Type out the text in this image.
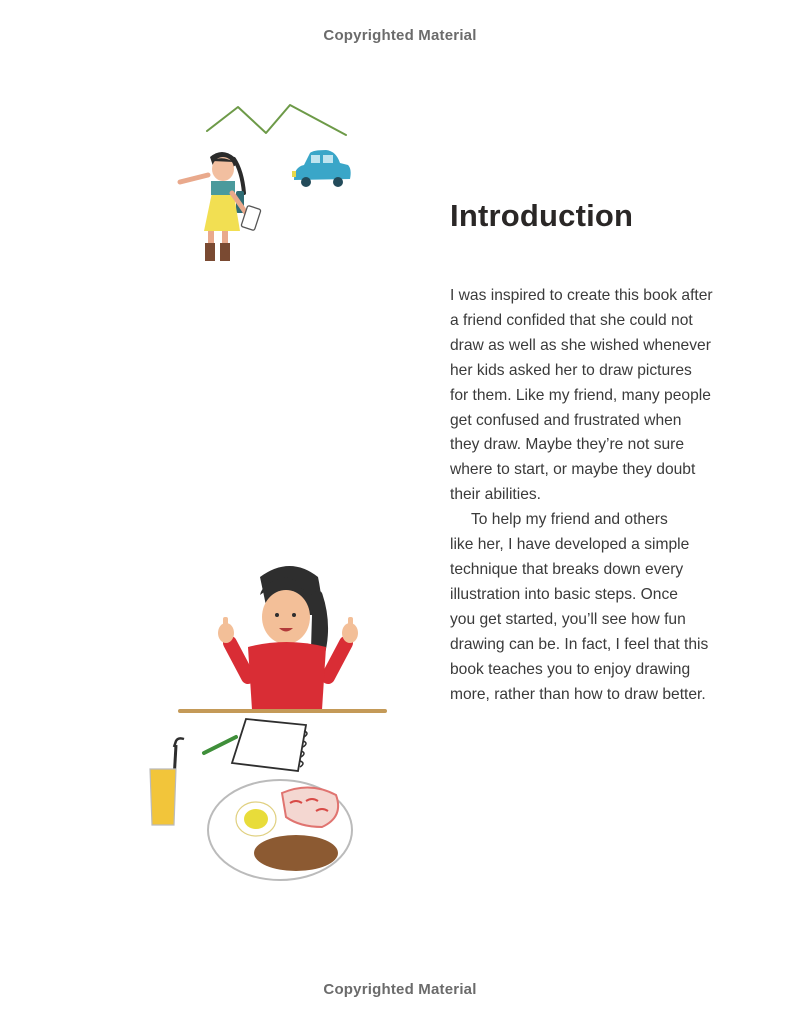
Copyrighted Material
Introduction
I was inspired to create this book after
a friend confided that she could not
draw as well as she wished whenever
her kids asked her to draw pictures
for them. Like my friend, many people
get confused and frustrated when
they draw. Maybe they’re not sure
where to start, or maybe they doubt
their abilities.
To help my friend and others
like her, I have developed a simple
technique that breaks down every
illustration into basic steps. Once
you get started, you’ll see how fun
drawing can be. In fact, I feel that this
book teaches you to enjoy drawing
more, rather than how to draw better.
Copyrighted Material
